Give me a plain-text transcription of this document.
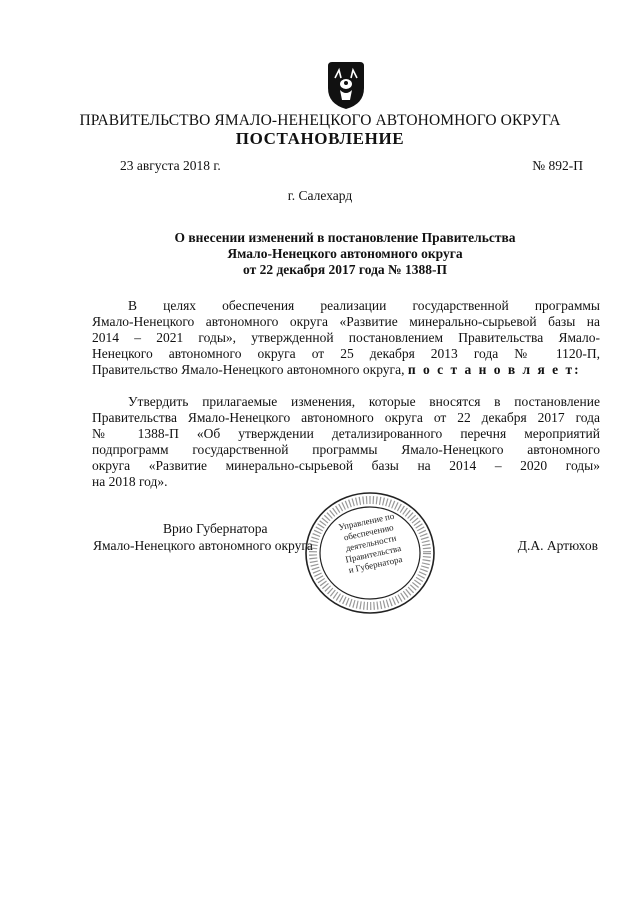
ПРАВИТЕЛЬСТВО ЯМАЛО-НЕНЕЦКОГО АВТОНОМНОГО ОКРУГА
ПОСТАНОВЛЕНИЕ
23 августа 2018 г.	№ 892-П
г. Салехард
О внесении изменений в постановление Правительства
Ямало-Ненецкого автономного округа
от 22 декабря 2017 года № 1388-П
В целях обеспечения реализации государственной программы
Ямало-Ненецкого автономного округа «Развитие минерально-сырьевой базы на
2014 – 2021 годы», утвержденной постановлением Правительства Ямало-
Ненецкого автономного округа от 25 декабря 2013 года № 1120-П,
Правительство Ямало-Ненецкого автономного округа, п о с т а н о в л я е т:
Утвердить прилагаемые изменения, которые вносятся в постановление
Правительства Ямало-Ненецкого автономного округа от 22 декабря 2017 года
№ 1388-П «Об утверждении детализированного перечня мероприятий
подпрограмм государственной программы Ямало-Ненецкого автономного
округа «Развитие минерально-сырьевой базы на 2014 – 2020 годы»
на 2018 год».
Врио Губернатора
Ямало-Ненецкого автономного округа	Д.А. Артюхов
Управление по обеспечению деятельности Правительства и Губернатора
